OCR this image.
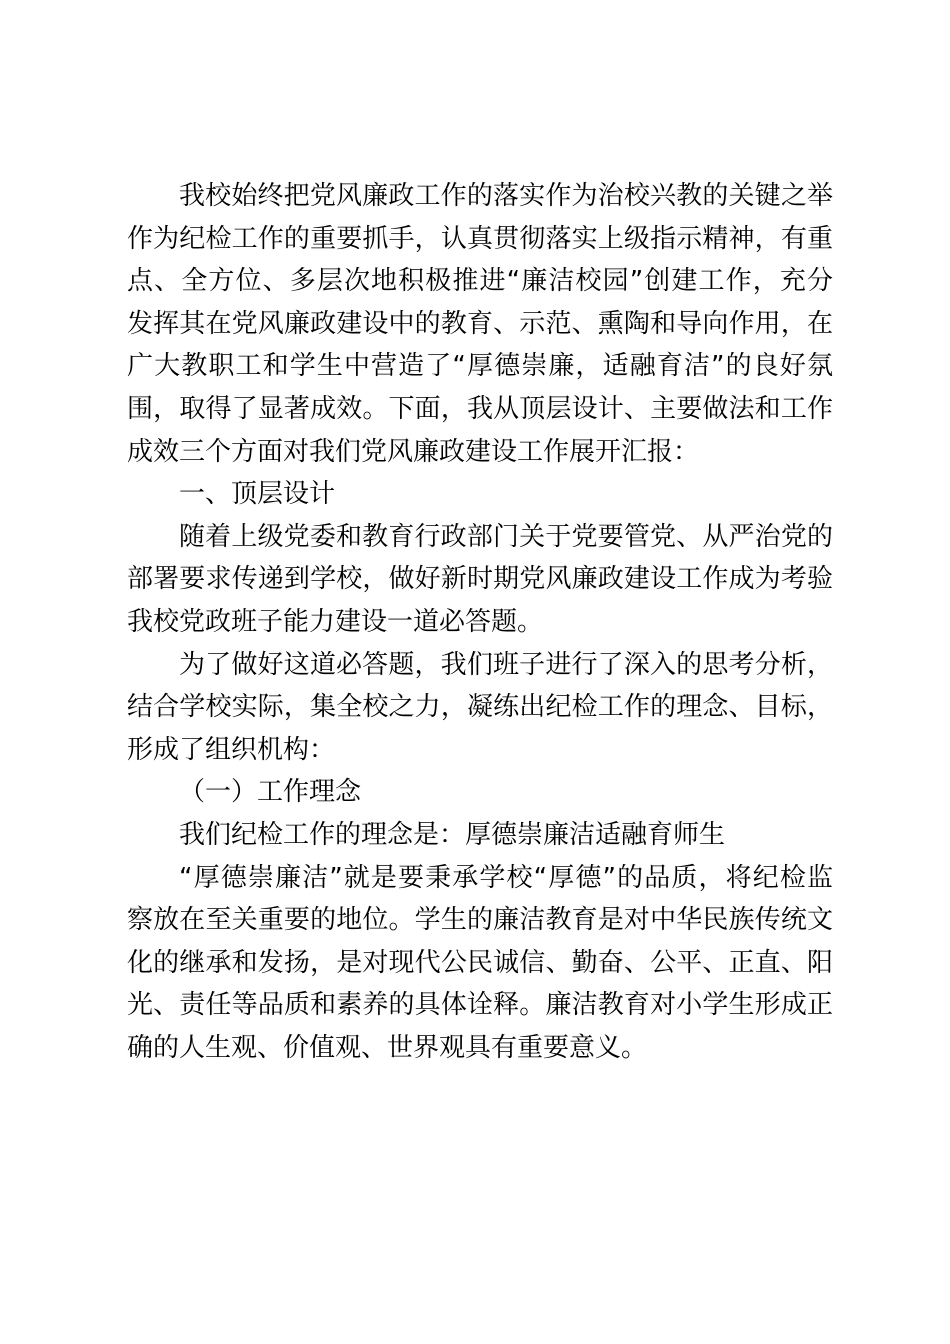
我校始终把党风廉政工作的落实作为治校兴教的关键之举

作为纪检工作的重要抓手，认真贯彻落实上级指示精神，有重

点、全方位、多层次地积极推进“廉洁校园”创建工作，充分

发挥其在党风廉政建设中的教育、示范、熏陶和导向作用，在

广大教职工和学生中营造了“厚德崇廉，适融育洁”的良好氛

围，取得了显著成效。下面，我从顶层设计、主要做法和工作

成效三个方面对我们党风廉政建设工作展开汇报：

一、顶层设计

随着上级党委和教育行政部门关于党要管党、从严治党的

部署要求传递到学校，做好新时期党风廉政建设工作成为考验

我校党政班子能力建设一道必答题。

为了做好这道必答题，我们班子进行了深入的思考分析，

结合学校实际，集全校之力，凝练出纪检工作的理念、目标，

形成了组织机构：

（一）工作理念

我们纪检工作的理念是：厚德崇廉洁适融育师生

“厚德崇廉洁”就是要秉承学校“厚德”的品质，将纪检监

察放在至关重要的地位。学生的廉洁教育是对中华民族传统文

化的继承和发扬，是对现代公民诚信、勤奋、公平、正直、阳

光、责任等品质和素养的具体诠释。廉洁教育对小学生形成正

确的人生观、价值观、世界观具有重要意义。
